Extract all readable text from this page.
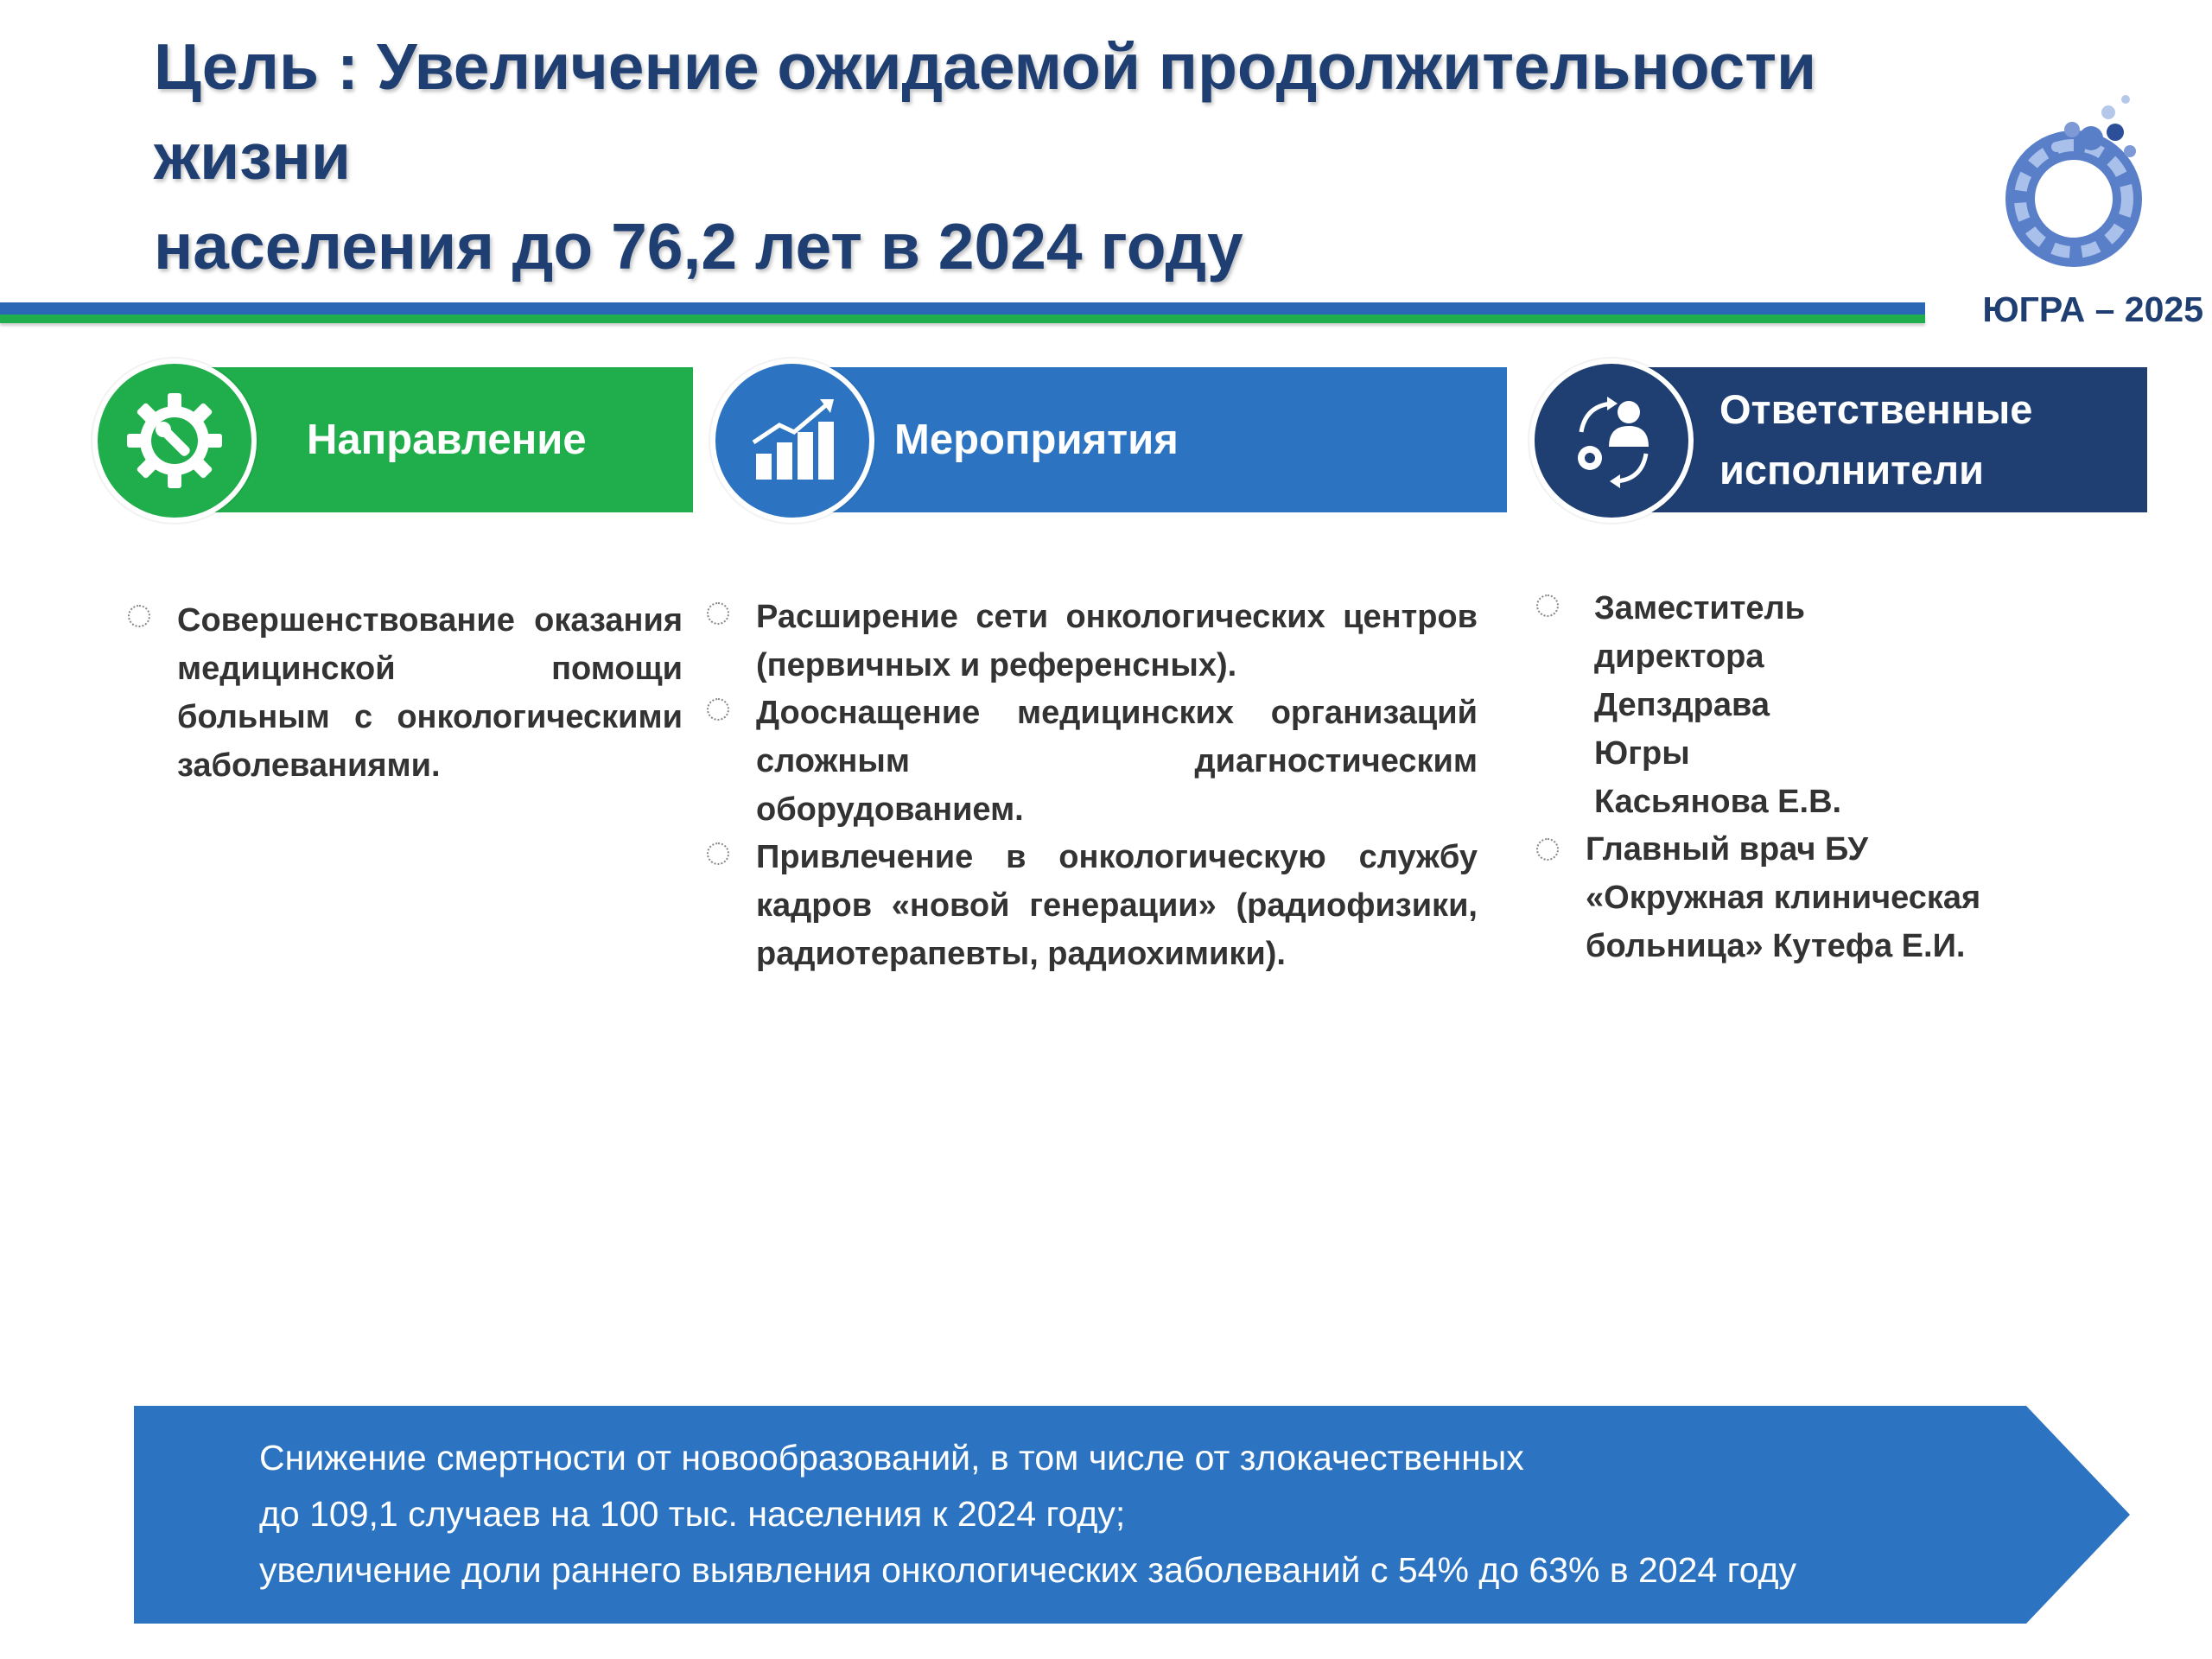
Цель : Увеличение ожидаемой продолжительности жизни
населения до 76,2 лет в 2024 году
ЮГРА – 2025
Направление	Мероприятия
Ответственные
исполнители

Совершенствование оказания медицинской помощи больным с онкологическими заболеваниями.

Расширение сети онкологических центров (первичных и референсных).

Дооснащение медицинских организаций сложным диагностическим оборудованием.

Привлечение в онкологическую службу кадров «новой генерации» (радиофизики, радиотерапевты, радиохимики).

Заместитель директора Депздрава Югры Касьянова Е.В.

Главный врач БУ «Окружная клиническая больница» Кутефа Е.И.

Снижение смертности от новообразований, в том числе от злокачественных
до 109,1 случаев на 100 тыс. населения к 2024 году;
увеличение доли раннего выявления онкологических заболеваний с 54% до 63% в 2024 году
